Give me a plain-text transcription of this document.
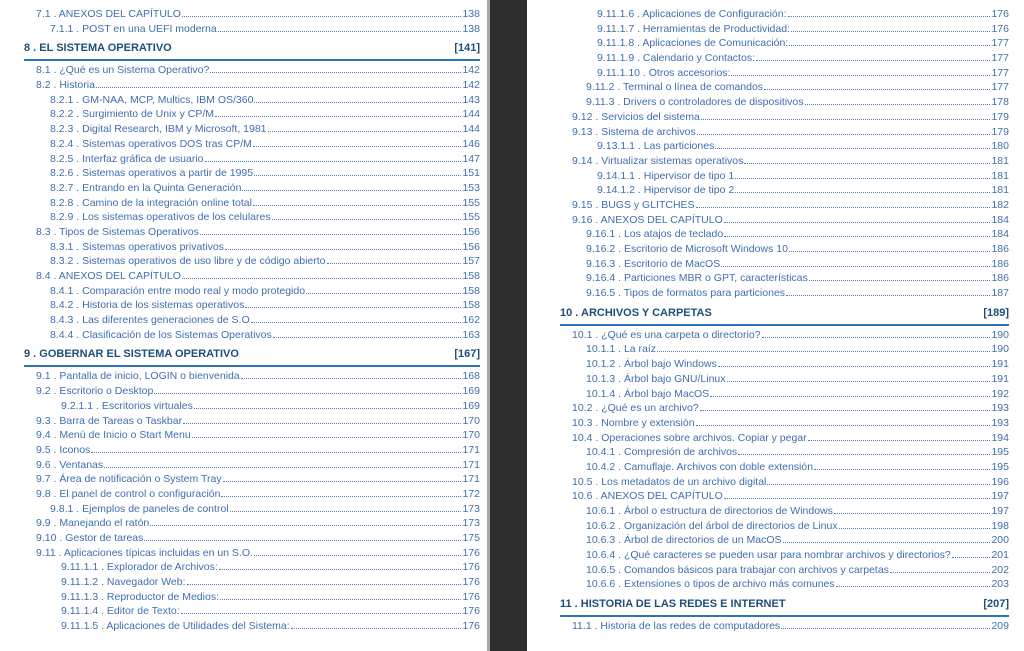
7.1 . ANEXOS DEL CAPÍTULO	138
7.1.1 . POST en una UEFI moderna	138
8 . EL SISTEMA OPERATIVO	[141]
8.1 . ¿Qué es un Sistema Operativo?	142
8.2 . Historia	142
8.2.1 . GM-NAA, MCP, Multics, IBM OS/360	143
8.2.2 . Surgimiento de Unix y CP/M	144
8.2.3 . Digital Research, IBM y Microsoft, 1981	144
8.2.4 . Sistemas operativos DOS tras CP/M	146
8.2.5 . Interfaz gráfica de usuario	147
8.2.6 . Sistemas operativos a partir de 1995	151
8.2.7 . Entrando en la Quinta Generación	153
8.2.8 . Camino de la integración online total	155
8.2.9 . Los sistemas operativos de los celulares	155
8.3 . Tipos de Sistemas Operativos	156
8.3.1 . Sistemas operativos privativos	156
8.3.2 . Sistemas operativos de uso libre y de código abierto	157
8.4 . ANEXOS DEL CAPÍTULO	158
8.4.1 . Comparación entre modo real y modo protegido	158
8.4.2 . Historia de los sistemas operativos	158
8.4.3 . Las diferentes generaciones de S.O	162
8.4.4 . Clasificación de los Sistemas Operativos	163
9 . GOBERNAR EL SISTEMA OPERATIVO	[167]
9.1 . Pantalla de inicio, LOGIN o bienvenida	168
9.2 . Escritorio o Desktop	169
9.2.1.1 . Escritorios virtuales	169
9.3 . Barra de Tareas o Taskbar	170
9.4 . Menú de Inicio o Start Menu	170
9.5 . Iconos	171
9.6 . Ventanas	171
9.7 . Área de notificación o System Tray	171
9.8 . El panel de control o configuración	172
9.8.1 . Ejemplos de paneles de control	173
9.9 . Manejando el ratón	173
9.10 . Gestor de tareas	175
9.11 . Aplicaciones típicas incluidas en un S.O.	176
9.11.1.1 . Explorador de Archivos:	176
9.11.1.2 . Navegador Web:	176
9.11.1.3 . Reproductor de Medios:	176
9.11.1.4 . Editor de Texto:	176
9.11.1.5 . Aplicaciones de Utilidades del Sistema:	176
9.11.1.6 . Aplicaciones de Configuración:	176
9.11.1.7 . Herramientas de Productividad:	176
9.11.1.8 . Aplicaciones de Comunicación:	177
9.11.1.9 . Calendario y Contactos:	177
9.11.1.10 . Otros accesorios:	177
9.11.2 . Terminal o línea de comandos	177
9.11.3 . Drivers o controladores de dispositivos	178
9.12 . Servicios del sistema	179
9.13 . Sistema de archivos	179
9.13.1.1 . Las particiones	180
9.14 . Virtualizar sistemas operativos	181
9.14.1.1 . Hipervisor de tipo 1	181
9.14.1.2 . Hipervisor de tipo 2	181
9.15 . BUGS y GLITCHES	182
9.16 . ANEXOS DEL CAPÍTULO	184
9.16.1 . Los atajos de teclado	184
9.16.2 . Escritorio de Microsoft Windows 10	186
9.16.3 . Escritorio de MacOS	186
9.16.4 . Particiones MBR o GPT, características	186
9.16.5 . Tipos de formatos para particiones	187
10 . ARCHIVOS Y CARPETAS	[189]
10.1 . ¿Qué es una carpeta o directorio?	190
10.1.1 . La raíz	190
10.1.2 . Árbol bajo Windows	191
10.1.3 . Árbol bajo GNU/Linux	191
10.1.4 . Árbol bajo MacOS	192
10.2 . ¿Qué es un archivo?	193
10.3 . Nombre y extensión	193
10.4 . Operaciones sobre archivos. Copiar y pegar	194
10.4.1 . Compresión de archivos	195
10.4.2 . Camuflaje. Archivos con doble extensión	195
10.5 . Los metadatos de un archivo digital	196
10.6 . ANEXOS DEL CAPÍTULO	197
10.6.1 . Árbol o estructura de directorios de Windows	197
10.6.2 . Organización del árbol de directorios de Linux	198
10.6.3 . Árbol de directorios de un MacOS	200
10.6.4 . ¿Qué caracteres se pueden usar para nombrar archivos y directorios?	201
10.6.5 . Comandos básicos para trabajar con archivos y carpetas	202
10.6.6 . Extensiones o tipos de archivo más comunes	203
11 . HISTORIA DE LAS REDES E INTERNET	[207]
11.1 . Historia de las redes de computadores	209
